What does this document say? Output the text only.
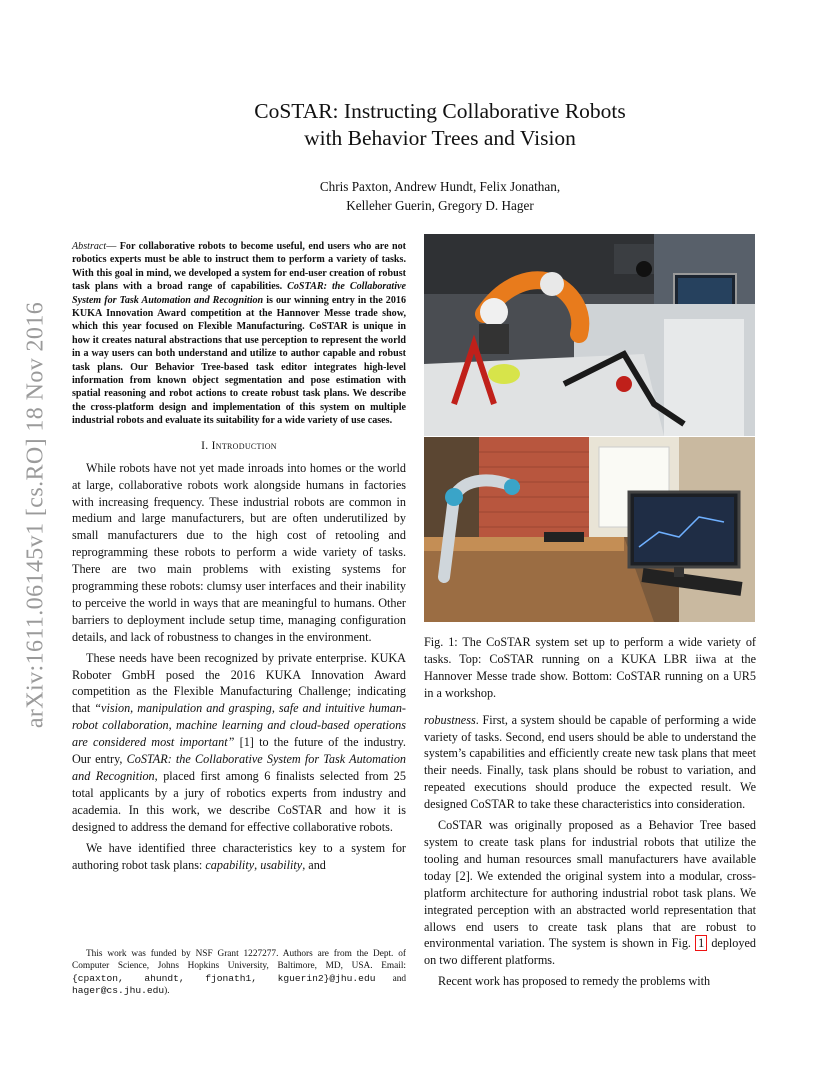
arXiv:1611.06145v1 [cs.RO] 18 Nov 2016
CoSTAR: Instructing Collaborative Robots
with Behavior Trees and Vision
Chris Paxton, Andrew Hundt, Felix Jonathan,
Kelleher Guerin, Gregory D. Hager

Abstract— For collaborative robots to become useful, end users who are not robotics experts must be able to instruct them to perform a variety of tasks. With this goal in mind, we developed a system for end-user creation of robust task plans with a broad range of capabilities. CoSTAR: the Collaborative System for Task Automation and Recognition is our winning entry in the 2016 KUKA Innovation Award competition at the Hannover Messe trade show, which this year focused on Flexible Manufacturing. CoSTAR is unique in how it creates natural abstractions that use perception to represent the world in a way users can both understand and utilize to author capable and robust task plans. Our Behavior Tree-based task editor integrates high-level information from known object segmentation and pose estimation with spatial reasoning and robot actions to create robust task plans. We describe the cross-platform design and implementation of this system on multiple industrial robots and evaluate its suitability for a wide variety of use cases.

I. Introduction

While robots have not yet made inroads into homes or the world at large, collaborative robots work alongside humans in factories with increasing frequency. These industrial robots are common in medium and large manufacturers, but are often underutilized by small manufacturers due to the high cost of retooling and reprogramming these robots to perform a wide variety of tasks. There are two main problems with existing systems for programming these robots: clumsy user interfaces and their inability to perceive the world in ways that are meaningful to humans. Other barriers to deployment include setup time, managing configuration details, and lack of robustness to changes in the environment.

These needs have been recognized by private enterprise. KUKA Roboter GmbH posed the 2016 KUKA Innovation Award competition as the Flexible Manufacturing Challenge; indicating that “vision, manipulation and grasping, safe and intuitive human-robot collaboration, machine learning and cloud-based operations are considered most important” [1] to the future of the industry. Our entry, CoSTAR: the Collaborative System for Task Automation and Recognition, placed first among 6 finalists selected from 25 total applicants by a jury of robotics experts from industry and academia. In this work, we describe CoSTAR and how it is designed to address the demand for effective collaborative robots.

We have identified three characteristics key to a system for authoring robot task plans: capability, usability, and

This work was funded by NSF Grant 1227277. Authors are from the Dept. of Computer Science, Johns Hopkins University, Baltimore, MD, USA. Email: {cpaxton, ahundt, fjonath1, kguerin2}@jhu.edu and hager@cs.jhu.edu).

Fig. 1: The CoSTAR system set up to perform a wide variety of tasks. Top: CoSTAR running on a KUKA LBR iiwa at the Hannover Messe trade show. Bottom: CoSTAR running on a UR5 in a workshop.

robustness. First, a system should be capable of performing a wide variety of tasks. Second, end users should be able to understand the system’s capabilities and efficiently create new task plans that meet their needs. Finally, task plans should be robust to variation, and repeated executions should produce the expected result. We designed CoSTAR to take these characteristics into consideration.

CoSTAR was originally proposed as a Behavior Tree based system to create task plans for industrial robots that utilize the tooling and human resources small manufacturers have available today [2]. We extended the original system into a modular, cross-platform architecture for authoring industrial robot task plans. We integrated perception with an abstracted world representation that allows end users to create task plans that are robust to environmental variation. The system is shown in Fig. 1 deployed on two different platforms.

Recent work has proposed to remedy the problems with
